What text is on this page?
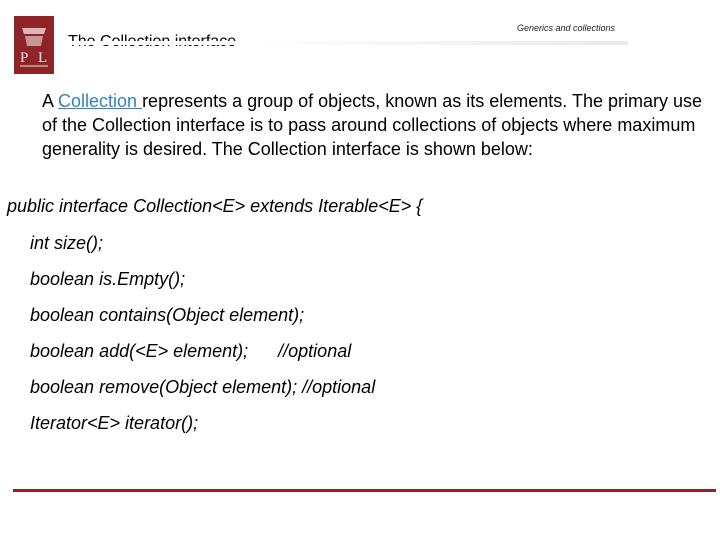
P L
Generics and collections
A Collection represents a group of objects, known as its elements. The primary use of the Collection interface is to pass around collections of objects where maximum generality is desired. The Collection interface is shown below:
public interface Collection<E> extends Iterable<E> {
int size();
boolean is.Empty();
boolean contains(Object element);
boolean add(<E> element);      //optional
boolean remove(Object element); //optional
Iterator<E> iterator();
